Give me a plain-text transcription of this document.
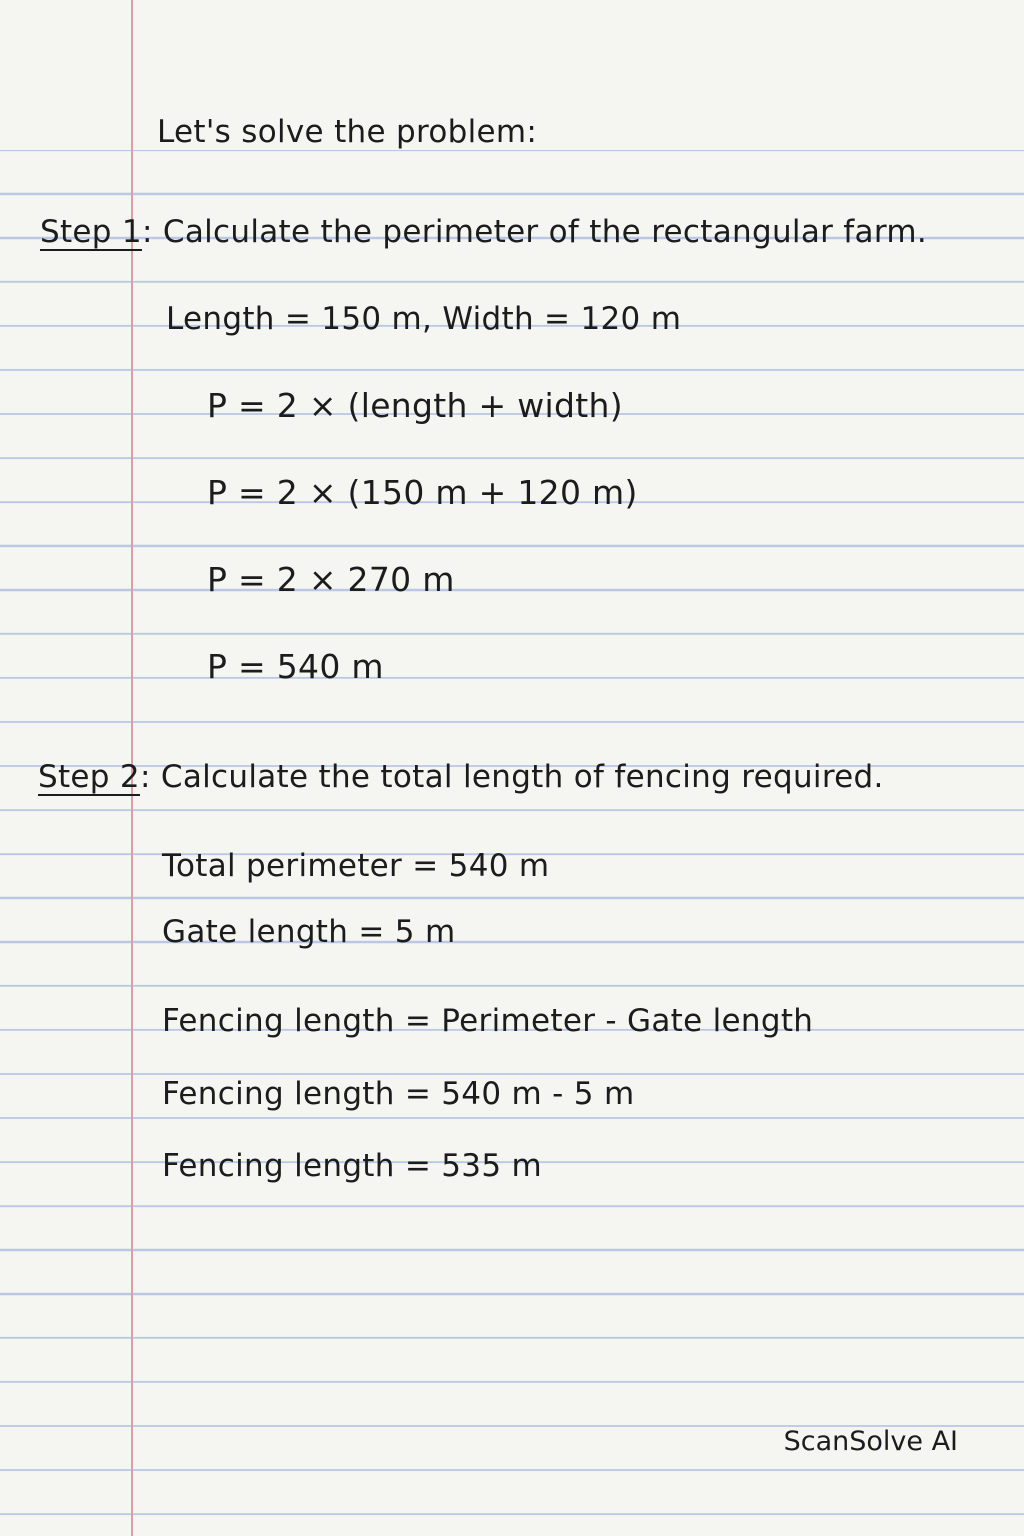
Let's solve the problem:
Step 1: Calculate the perimeter of the rectangular farm.
Length = 150 m, Width = 120 m
P = 2 × (length + width)
P = 2 × (150 m + 120 m)
P = 2 × 270 m
P = 540 m
Step 2: Calculate the total length of fencing required.
Total perimeter = 540 m
Gate length = 5 m
Fencing length = Perimeter - Gate length
Fencing length = 540 m - 5 m
Fencing length = 535 m
ScanSolve AI
